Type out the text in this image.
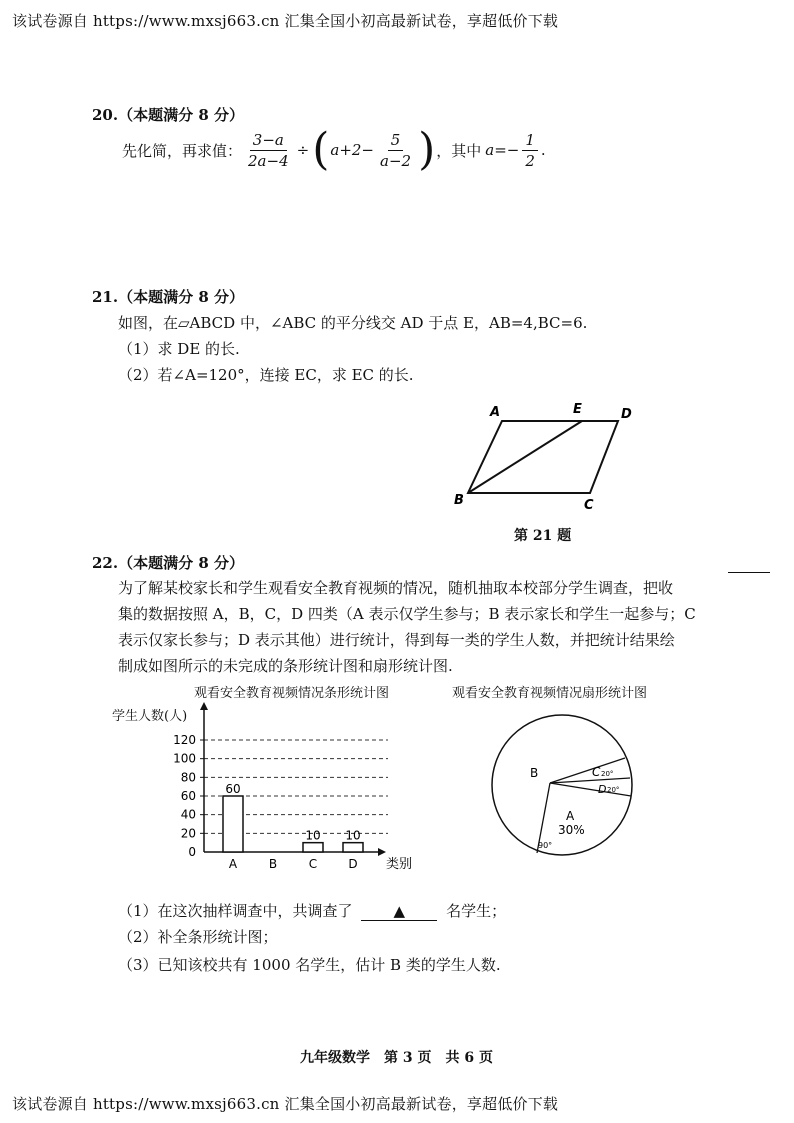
该试卷源自 https://www.mxsj663.cn 汇集全国小初高最新试卷，享超低价下载
20.（本题满分 8 分）
先化简，再求值： $\frac{3-a}{2a-4}$ ÷ ( $a+2- \frac{5}{a-2}$ ) ，其中 $a=- \frac{1}{2}$ .
21.（本题满分 8 分）
如图，在▱ABCD 中，∠ABC 的平分线交 AD 于点 E，AB=4,BC=6.
（1）求 DE 的长.
（2）若∠A=120°，连接 EC，求 EC 的长.
A	E	D
B	C
第 21 题
22.（本题满分 8 分）
为了解某校家长和学生观看安全教育视频的情况，随机抽取本校部分学生调查，把收
集的数据按照 A，B，C，D 四类（A 表示仅学生参与；B 表示家长和学生一起参与；C
表示仅家长参与；D 表示其他）进行统计，得到每一类的学生人数，并把统计结果绘
制成如图所示的未完成的条形统计图和扇形统计图.
观看安全教育视频情况条形统计图
学生人数(人)
0
20
40
60
80
100
120
A	B	C	D
60
10 10
类别
观看安全教育视频情况扇形统计图
B
A
30%
C 20°
D 20°
90°
（1）在这次抽样调查中，共调查了	▲	名学生；
（2）补全条形统计图；
（3）已知该校共有 1000 名学生，估计 B 类的学生人数.
九年级数学　第 3 页　共 6 页
该试卷源自 https://www.mxsj663.cn 汇集全国小初高最新试卷，享超低价下载
